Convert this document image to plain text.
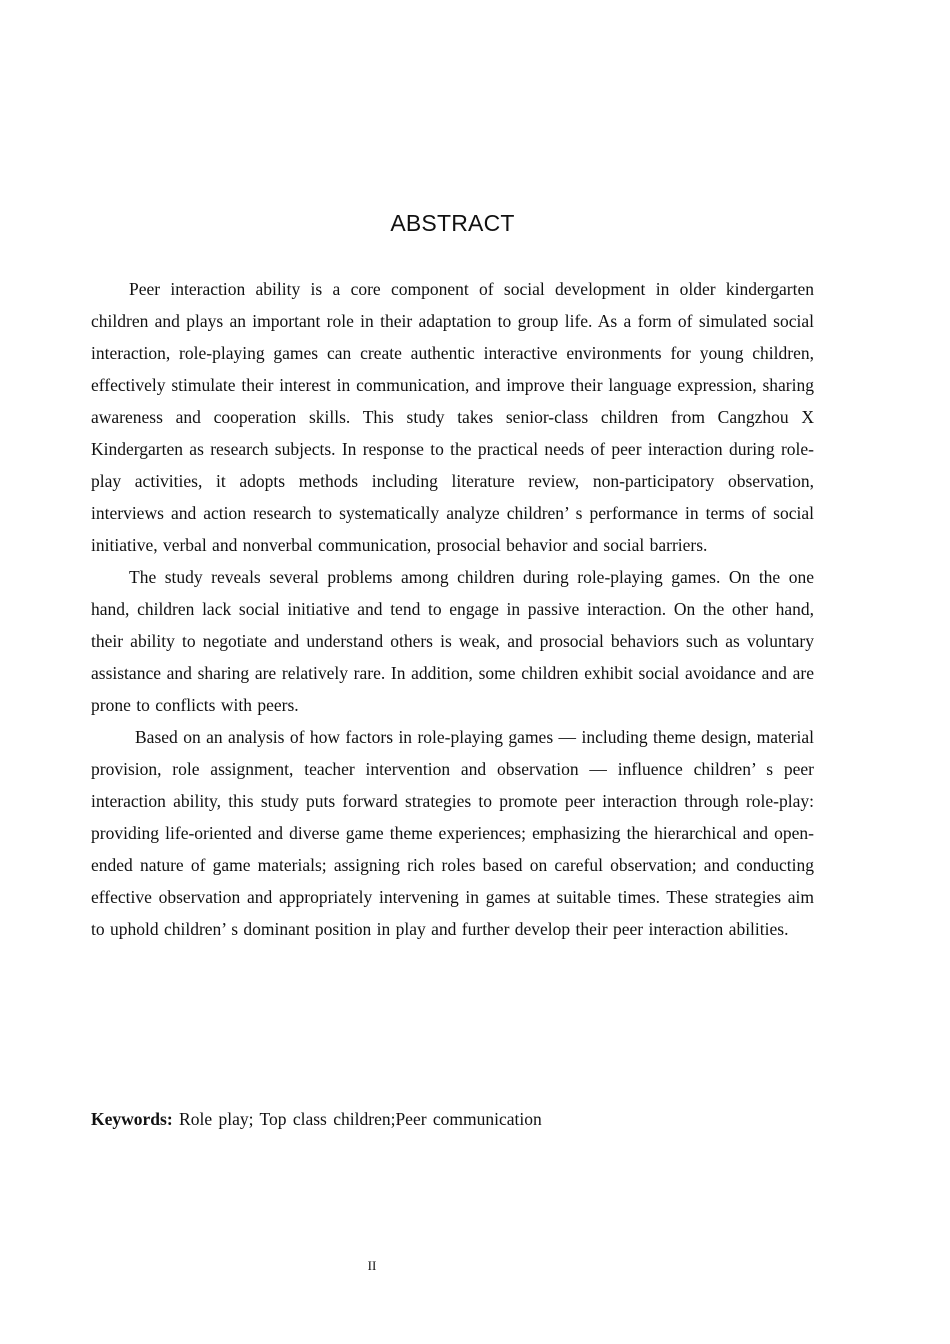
ABSTRACT

Peer interaction ability is a core component of social development in older kindergarten children and plays an important role in their adaptation to group life. As a form of simulated social interaction, role-playing games can create authentic interactive environments for young children, effectively stimulate their interest in communication, and improve their language expression, sharing awareness and cooperation skills. This study takes senior-class children from Cangzhou X Kindergarten as research subjects. In response to the practical needs of peer interaction during role-play activities, it adopts methods including literature review, non-participatory observation, interviews and action research to systematically analyze children’ s performance in terms of social initiative, verbal and nonverbal communication, prosocial behavior and social barriers.

The study reveals several problems among children during role-playing games. On the one hand, children lack social initiative and tend to engage in passive interaction. On the other hand, their ability to negotiate and understand others is weak, and prosocial behaviors such as voluntary assistance and sharing are relatively rare. In addition, some children exhibit social avoidance and are prone to conflicts with peers.

Based on an analysis of how factors in role-playing games — including theme design, material provision, role assignment, teacher intervention and observation — influence children’ s peer interaction ability, this study puts forward strategies to promote peer interaction through role-play: providing life-oriented and diverse game theme experiences; emphasizing the hierarchical and open-ended nature of game materials; assigning rich roles based on careful observation; and conducting effective observation and appropriately intervening in games at suitable times. These strategies aim to uphold children’ s dominant position in play and further develop their peer interaction abilities.

Keywords: Role play; Top class children;Peer communication
II
